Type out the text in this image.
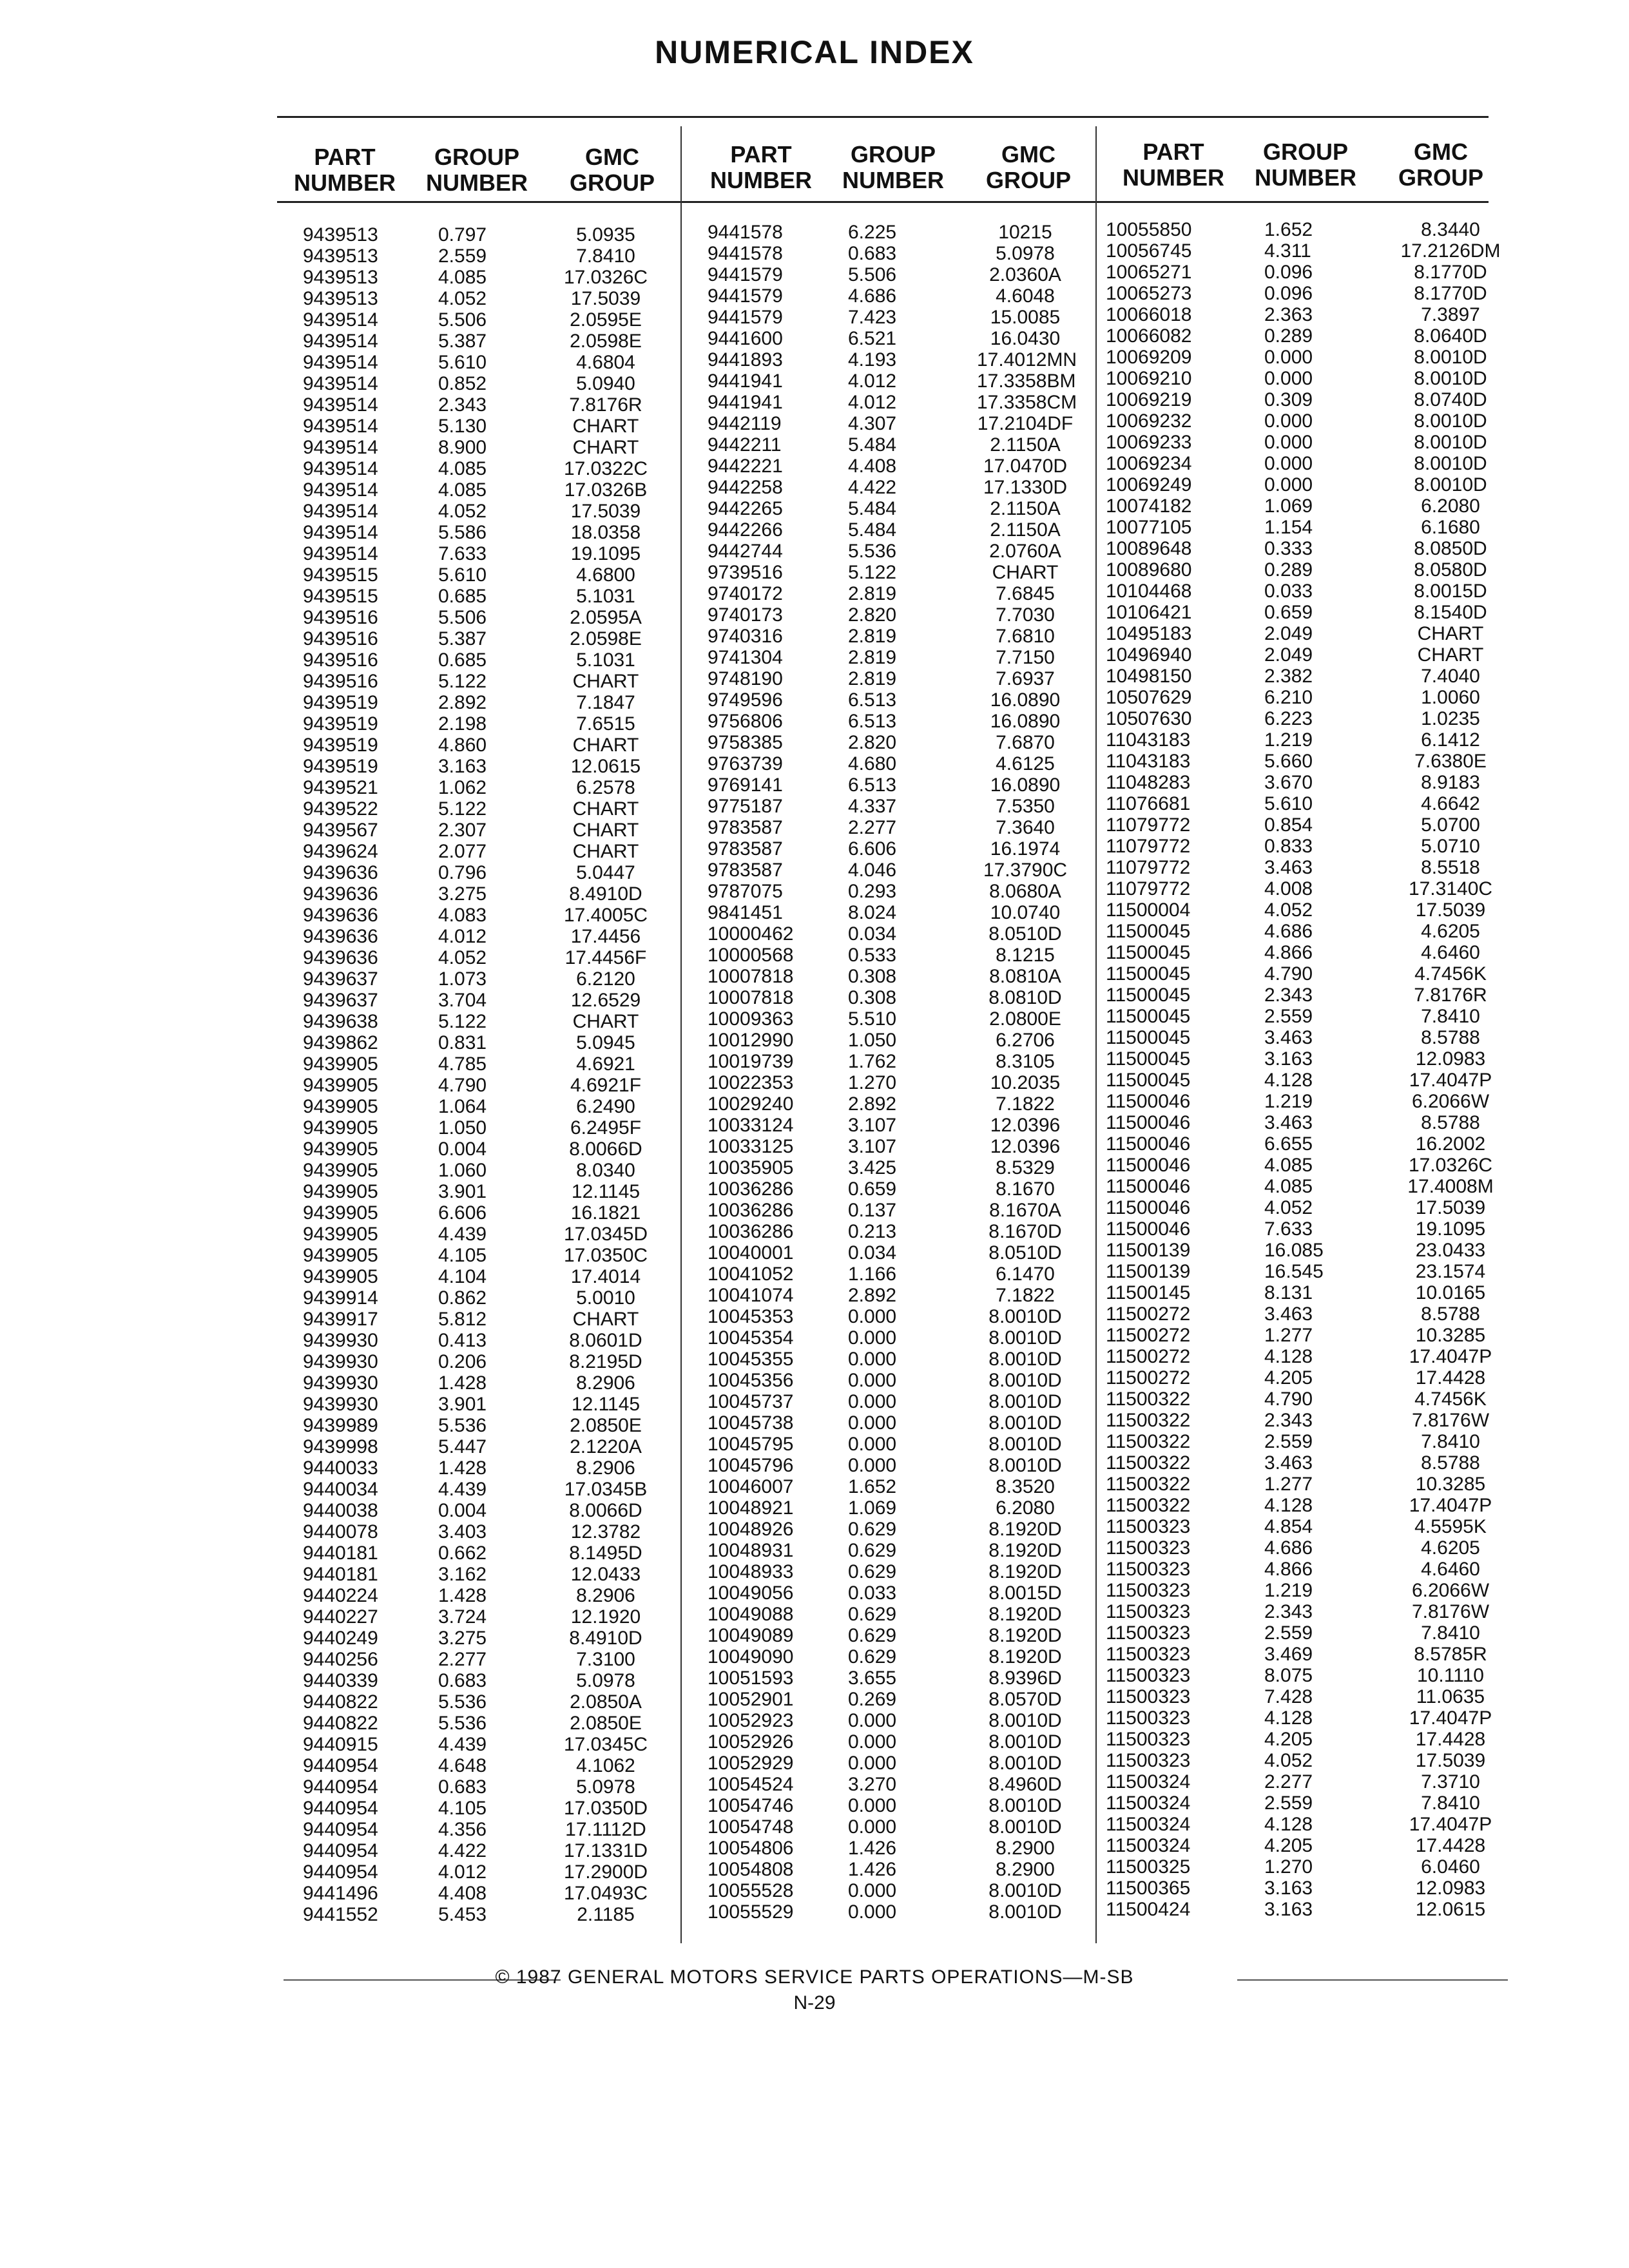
NUMERICAL INDEX
PART
NUMBER
GROUP
NUMBER
GMC
GROUP
9439513	0.797	5.0935
9439513	2.559	7.8410
9439513	4.085	17.0326C
9439513	4.052	17.5039
9439514	5.506	2.0595E
9439514	5.387	2.0598E
9439514	5.610	4.6804
9439514	0.852	5.0940
9439514	2.343	7.8176R
9439514	5.130	CHART
9439514	8.900	CHART
9439514	4.085	17.0322C
9439514	4.085	17.0326B
9439514	4.052	17.5039
9439514	5.586	18.0358
9439514	7.633	19.1095
9439515	5.610	4.6800
9439515	0.685	5.1031
9439516	5.506	2.0595A
9439516	5.387	2.0598E
9439516	0.685	5.1031
9439516	5.122	CHART
9439519	2.892	7.1847
9439519	2.198	7.6515
9439519	4.860	CHART
9439519	3.163	12.0615
9439521	1.062	6.2578
9439522	5.122	CHART
9439567	2.307	CHART
9439624	2.077	CHART
9439636	0.796	5.0447
9439636	3.275	8.4910D
9439636	4.083	17.4005C
9439636	4.012	17.4456
9439636	4.052	17.4456F
9439637	1.073	6.2120
9439637	3.704	12.6529
9439638	5.122	CHART
9439862	0.831	5.0945
9439905	4.785	4.6921
9439905	4.790	4.6921F
9439905	1.064	6.2490
9439905	1.050	6.2495F
9439905	0.004	8.0066D
9439905	1.060	8.0340
9439905	3.901	12.1145
9439905	6.606	16.1821
9439905	4.439	17.0345D
9439905	4.105	17.0350C
9439905	4.104	17.4014
9439914	0.862	5.0010
9439917	5.812	CHART
9439930	0.413	8.0601D
9439930	0.206	8.2195D
9439930	1.428	8.2906
9439930	3.901	12.1145
9439989	5.536	2.0850E
9439998	5.447	2.1220A
9440033	1.428	8.2906
9440034	4.439	17.0345B
9440038	0.004	8.0066D
9440078	3.403	12.3782
9440181	0.662	8.1495D
9440181	3.162	12.0433
9440224	1.428	8.2906
9440227	3.724	12.1920
9440249	3.275	8.4910D
9440256	2.277	7.3100
9440339	0.683	5.0978
9440822	5.536	2.0850A
9440822	5.536	2.0850E
9440915	4.439	17.0345C
9440954	4.648	4.1062
9440954	0.683	5.0978
9440954	4.105	17.0350D
9440954	4.356	17.1112D
9440954	4.422	17.1331D
9440954	4.012	17.2900D
9441496	4.408	17.0493C
9441552	5.453	2.1185
PART
NUMBER
GROUP
NUMBER
GMC
GROUP
9441578	6.225	10215
9441578	0.683	5.0978
9441579	5.506	2.0360A
9441579	4.686	4.6048
9441579	7.423	15.0085
9441600	6.521	16.0430
9441893	4.193	17.4012MN
9441941	4.012	17.3358BM
9441941	4.012	17.3358CM
9442119	4.307	17.2104DF
9442211	5.484	2.1150A
9442221	4.408	17.0470D
9442258	4.422	17.1330D
9442265	5.484	2.1150A
9442266	5.484	2.1150A
9442744	5.536	2.0760A
9739516	5.122	CHART
9740172	2.819	7.6845
9740173	2.820	7.7030
9740316	2.819	7.6810
9741304	2.819	7.7150
9748190	2.819	7.6937
9749596	6.513	16.0890
9756806	6.513	16.0890
9758385	2.820	7.6870
9763739	4.680	4.6125
9769141	6.513	16.0890
9775187	4.337	7.5350
9783587	2.277	7.3640
9783587	6.606	16.1974
9783587	4.046	17.3790C
9787075	0.293	8.0680A
9841451	8.024	10.0740
10000462	0.034	8.0510D
10000568	0.533	8.1215
10007818	0.308	8.0810A
10007818	0.308	8.0810D
10009363	5.510	2.0800E
10012990	1.050	6.2706
10019739	1.762	8.3105
10022353	1.270	10.2035
10029240	2.892	7.1822
10033124	3.107	12.0396
10033125	3.107	12.0396
10035905	3.425	8.5329
10036286	0.659	8.1670
10036286	0.137	8.1670A
10036286	0.213	8.1670D
10040001	0.034	8.0510D
10041052	1.166	6.1470
10041074	2.892	7.1822
10045353	0.000	8.0010D
10045354	0.000	8.0010D
10045355	0.000	8.0010D
10045356	0.000	8.0010D
10045737	0.000	8.0010D
10045738	0.000	8.0010D
10045795	0.000	8.0010D
10045796	0.000	8.0010D
10046007	1.652	8.3520
10048921	1.069	6.2080
10048926	0.629	8.1920D
10048931	0.629	8.1920D
10048933	0.629	8.1920D
10049056	0.033	8.0015D
10049088	0.629	8.1920D
10049089	0.629	8.1920D
10049090	0.629	8.1920D
10051593	3.655	8.9396D
10052901	0.269	8.0570D
10052923	0.000	8.0010D
10052926	0.000	8.0010D
10052929	0.000	8.0010D
10054524	3.270	8.4960D
10054746	0.000	8.0010D
10054748	0.000	8.0010D
10054806	1.426	8.2900
10054808	1.426	8.2900
10055528	0.000	8.0010D
10055529	0.000	8.0010D
PART
NUMBER
GROUP
NUMBER
GMC
GROUP
10055850	1.652	8.3440
10056745	4.311	17.2126DM
10065271	0.096	8.1770D
10065273	0.096	8.1770D
10066018	2.363	7.3897
10066082	0.289	8.0640D
10069209	0.000	8.0010D
10069210	0.000	8.0010D
10069219	0.309	8.0740D
10069232	0.000	8.0010D
10069233	0.000	8.0010D
10069234	0.000	8.0010D
10069249	0.000	8.0010D
10074182	1.069	6.2080
10077105	1.154	6.1680
10089648	0.333	8.0850D
10089680	0.289	8.0580D
10104468	0.033	8.0015D
10106421	0.659	8.1540D
10495183	2.049	CHART
10496940	2.049	CHART
10498150	2.382	7.4040
10507629	6.210	1.0060
10507630	6.223	1.0235
11043183	1.219	6.1412
11043183	5.660	7.6380E
11048283	3.670	8.9183
11076681	5.610	4.6642
11079772	0.854	5.0700
11079772	0.833	5.0710
11079772	3.463	8.5518
11079772	4.008	17.3140C
11500004	4.052	17.5039
11500045	4.686	4.6205
11500045	4.866	4.6460
11500045	4.790	4.7456K
11500045	2.343	7.8176R
11500045	2.559	7.8410
11500045	3.463	8.5788
11500045	3.163	12.0983
11500045	4.128	17.4047P
11500046	1.219	6.2066W
11500046	3.463	8.5788
11500046	6.655	16.2002
11500046	4.085	17.0326C
11500046	4.085	17.4008M
11500046	4.052	17.5039
11500046	7.633	19.1095
11500139	16.085	23.0433
11500139	16.545	23.1574
11500145	8.131	10.0165
11500272	3.463	8.5788
11500272	1.277	10.3285
11500272	4.128	17.4047P
11500272	4.205	17.4428
11500322	4.790	4.7456K
11500322	2.343	7.8176W
11500322	2.559	7.8410
11500322	3.463	8.5788
11500322	1.277	10.3285
11500322	4.128	17.4047P
11500323	4.854	4.5595K
11500323	4.686	4.6205
11500323	4.866	4.6460
11500323	1.219	6.2066W
11500323	2.343	7.8176W
11500323	2.559	7.8410
11500323	3.469	8.5785R
11500323	8.075	10.1110
11500323	7.428	11.0635
11500323	4.128	17.4047P
11500323	4.205	17.4428
11500323	4.052	17.5039
11500324	2.277	7.3710
11500324	2.559	7.8410
11500324	4.128	17.4047P
11500324	4.205	17.4428
11500325	1.270	6.0460
11500365	3.163	12.0983
11500424	3.163	12.0615
© 1987 GENERAL MOTORS SERVICE PARTS OPERATIONS—M-SB
N-29
